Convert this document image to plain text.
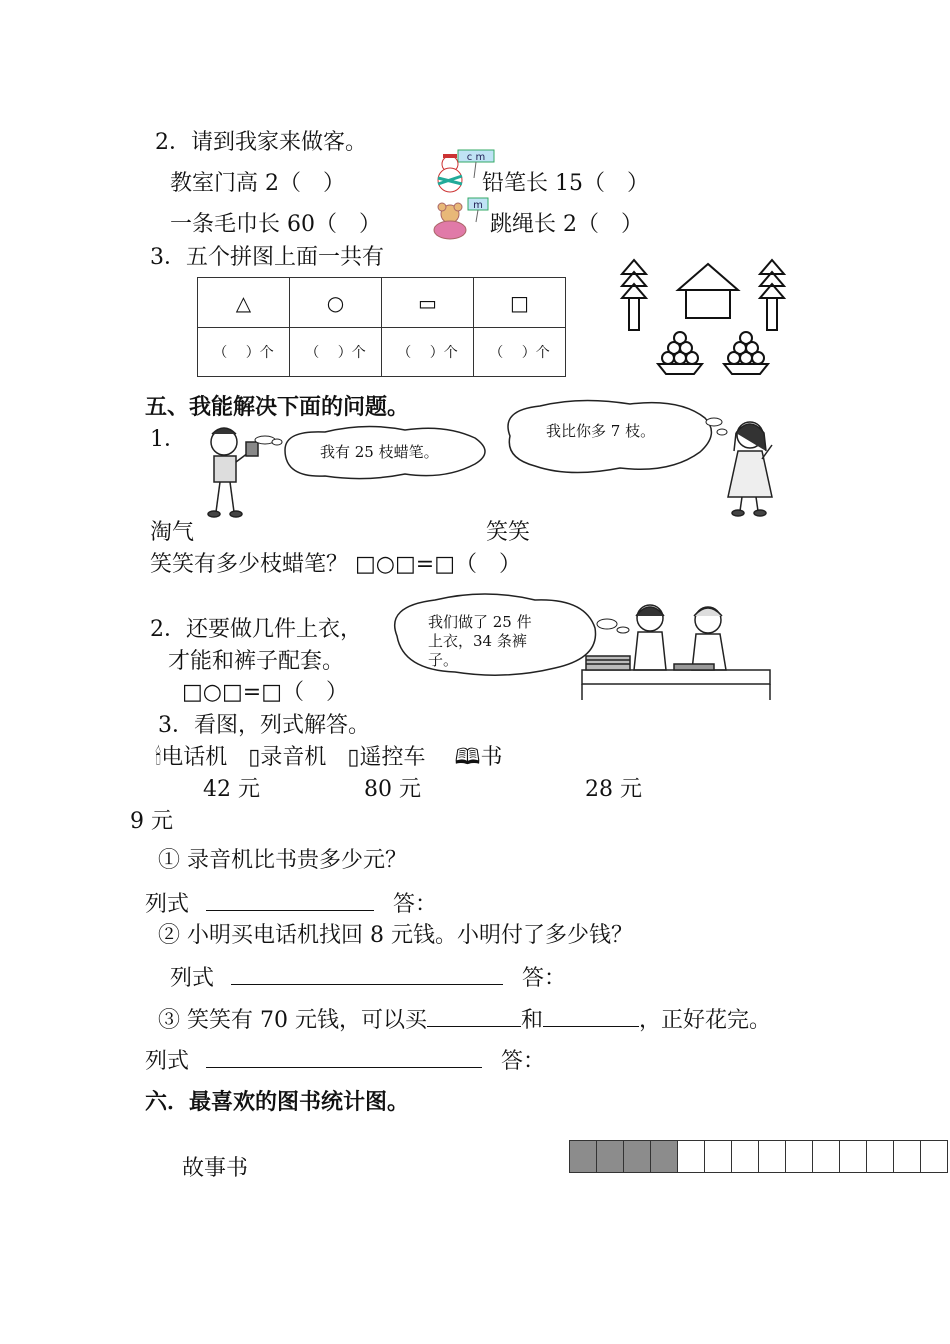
2．请到我家来做客。
教室门高 2（　）	铅笔长 15（　）
一条毛巾长 60（　）	跳绳长 2（　）
c m
m
3．五个拼图上面一共有
△	○	▭	□
（　 ）个	（　 ）个	（　 ）个	（　 ）个
五、我能解决下面的问题。
1．	我有 25 枝蜡笔。
我比你多 7 枝。
淘气	笑笑
笑笑有多少枝蜡笔？ □○□=□（　）
2．还要做几件上衣，
才能和裤子配套。
□○□=□（　）
我们做了 25 件
上衣，34 条裤
子。
3．看图，列式解答。
🕯电话机 ▯录音机 ▯遥控车 🕮书
42 元	80 元	28 元
9 元
① 录音机比书贵多少元？
列式	答：
② 小明买电话机找回 8 元钱。小明付了多少钱？
列式	答：
③ 笑笑有 70 元钱，可以买	和	，正好花完。
列式	答：
六．最喜欢的图书统计图。
故事书
